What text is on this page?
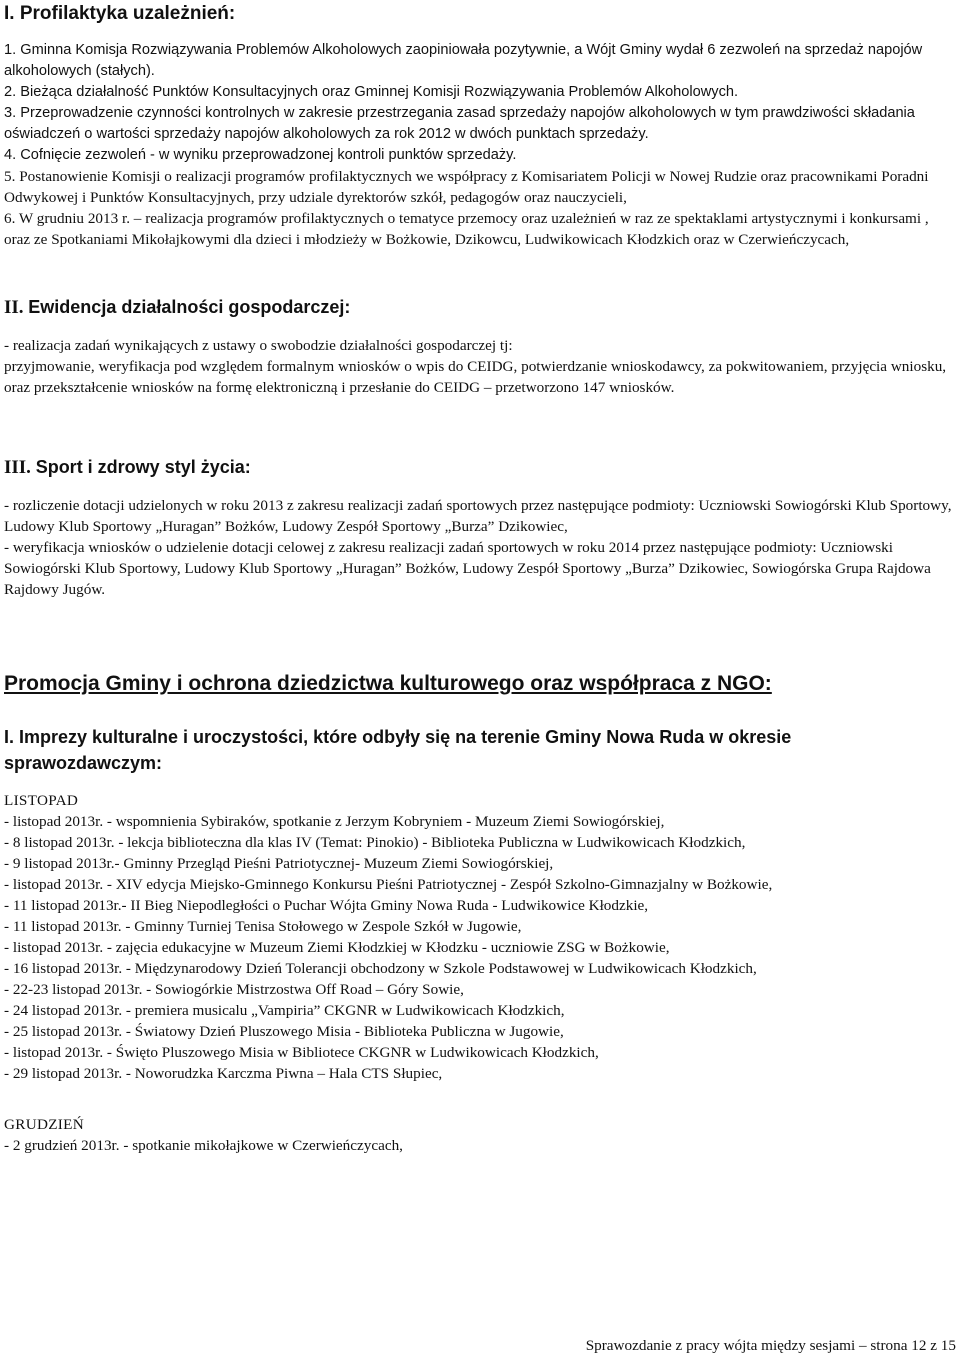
I. Profilaktyka uzależnień:

1. Gminna Komisja Rozwiązywania Problemów Alkoholowych zaopiniowała pozytywnie, a Wójt Gminy wydał 6 zezwoleń na sprzedaż napojów alkoholowych (stałych).

2. Bieżąca działalność Punktów Konsultacyjnych oraz Gminnej Komisji Rozwiązywania Problemów Alkoholowych.

3. Przeprowadzenie czynności kontrolnych w zakresie przestrzegania zasad sprzedaży napojów alkoholowych w tym prawdziwości składania oświadczeń o wartości sprzedaży napojów alkoholowych za rok 2012 w dwóch punktach sprzedaży.

4. Cofnięcie zezwoleń - w wyniku przeprowadzonej kontroli punktów sprzedaży.

5. Postanowienie Komisji o realizacji programów profilaktycznych we współpracy z Komisariatem Policji w Nowej Rudzie oraz pracownikami Poradni Odwykowej i Punktów Konsultacyjnych, przy udziale dyrektorów szkół, pedagogów oraz nauczycieli,

6. W grudniu 2013 r. – realizacja programów profilaktycznych o tematyce przemocy oraz uzależnień w raz ze spektaklami artystycznymi i konkursami , oraz ze Spotkaniami Mikołajkowymi dla dzieci i młodzieży w Bożkowie, Dzikowcu, Ludwikowicach Kłodzkich oraz w Czerwieńczycach,

II. Ewidencja działalności gospodarczej:

- realizacja zadań wynikających z ustawy o swobodzie działalności gospodarczej tj:

przyjmowanie, weryfikacja pod względem formalnym wniosków o wpis do CEIDG, potwierdzanie wnioskodawcy, za pokwitowaniem, przyjęcia wniosku, oraz przekształcenie wniosków na formę elektroniczną i przesłanie do CEIDG – przetworzono 147 wniosków.

III. Sport i zdrowy styl życia:

- rozliczenie dotacji udzielonych w roku 2013 z zakresu realizacji zadań sportowych przez następujące podmioty: Uczniowski Sowiogórski Klub Sportowy, Ludowy Klub Sportowy „Huragan” Bożków, Ludowy Zespół Sportowy „Burza” Dzikowiec,

- weryfikacja wniosków o udzielenie dotacji celowej z zakresu realizacji zadań sportowych w roku 2014 przez następujące podmioty: Uczniowski Sowiogórski Klub Sportowy, Ludowy Klub Sportowy „Huragan” Bożków, Ludowy Zespół Sportowy „Burza” Dzikowiec, Sowiogórska Grupa Rajdowa Rajdowy Jugów.

Promocja Gminy i ochrona dziedzictwa kulturowego oraz współpraca z NGO:
I. Imprezy kulturalne i uroczystości, które odbyły się na terenie Gminy Nowa Ruda w okresie sprawozdawczym:

LISTOPAD

- listopad 2013r. - wspomnienia Sybiraków, spotkanie z Jerzym Kobryniem - Muzeum Ziemi Sowiogórskiej,

- 8 listopad 2013r. - lekcja biblioteczna dla klas IV (Temat: Pinokio) - Biblioteka Publiczna w Ludwikowicach Kłodzkich,

- 9 listopad 2013r.- Gminny Przegląd Pieśni Patriotycznej- Muzeum Ziemi Sowiogórskiej,

- listopad 2013r. - XIV edycja Miejsko-Gminnego Konkursu Pieśni Patriotycznej - Zespół Szkolno-Gimnazjalny w Bożkowie,

- 11 listopad 2013r.- II Bieg Niepodległości o Puchar Wójta Gminy Nowa Ruda - Ludwikowice Kłodzkie,

- 11 listopad 2013r. - Gminny Turniej Tenisa Stołowego w Zespole Szkół w Jugowie,

- listopad 2013r. - zajęcia edukacyjne w Muzeum Ziemi Kłodzkiej w Kłodzku - uczniowie ZSG w Bożkowie,

- 16 listopad 2013r. - Międzynarodowy Dzień Tolerancji obchodzony w Szkole Podstawowej w Ludwikowicach Kłodzkich,

- 22-23 listopad 2013r. - Sowiogórkie Mistrzostwa Off Road – Góry Sowie,

- 24 listopad 2013r. - premiera musicalu „Vampiria” CKGNR w Ludwikowicach Kłodzkich,

- 25 listopad 2013r. - Światowy Dzień Pluszowego Misia - Biblioteka Publiczna w Jugowie,

- listopad 2013r. - Święto Pluszowego Misia w Bibliotece CKGNR w Ludwikowicach Kłodzkich,

- 29 listopad 2013r. - Noworudzka Karczma Piwna – Hala CTS Słupiec,

GRUDZIEŃ

- 2 grudzień 2013r. - spotkanie mikołajkowe w Czerwieńczycach,

Sprawozdanie z pracy wójta między sesjami – strona 12 z 15
